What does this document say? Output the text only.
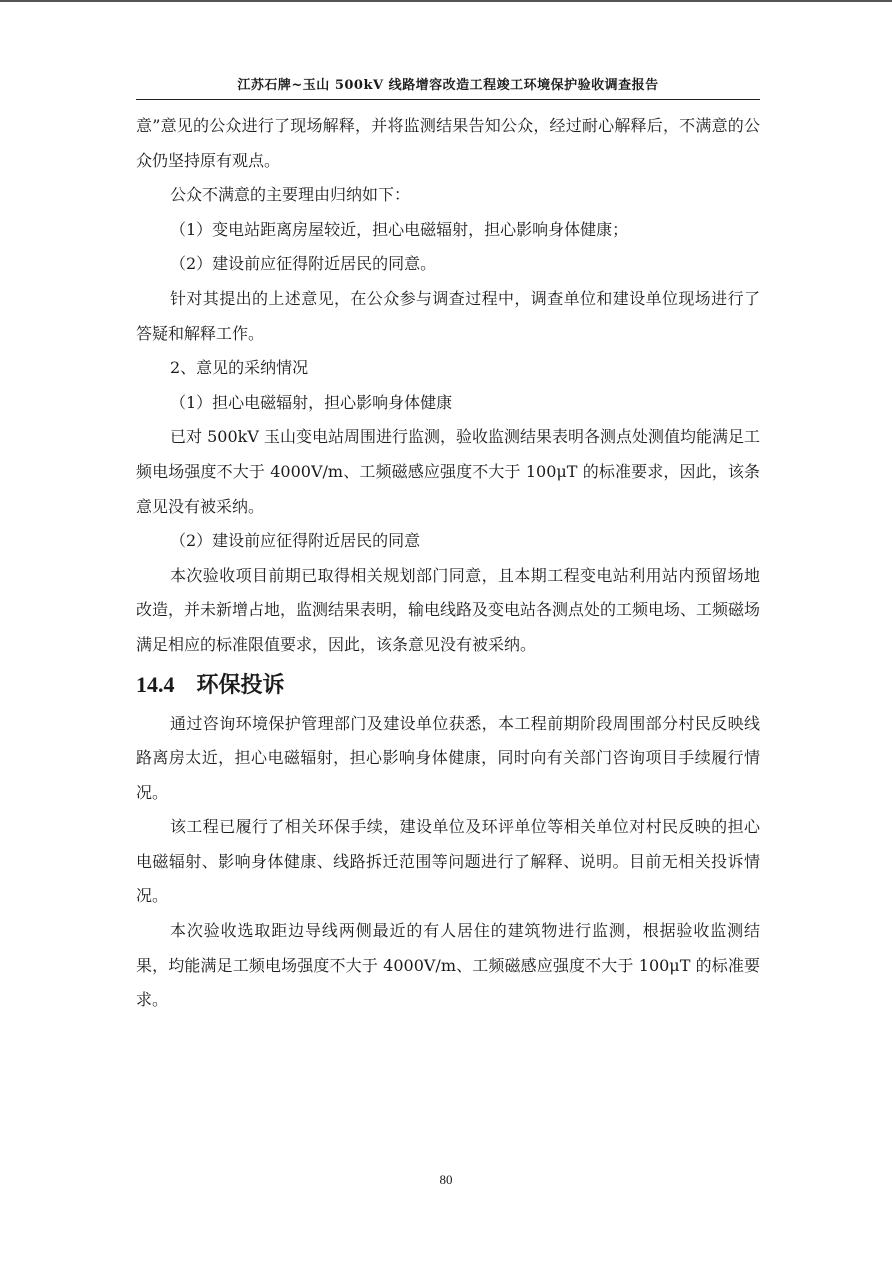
江苏石牌~玉山 500kV 线路增容改造工程竣工环境保护验收调查报告

意”意见的公众进行了现场解释，并将监测结果告知公众，经过耐心解释后，不满意的公众仍坚持原有观点。

公众不满意的主要理由归纳如下：

（1）变电站距离房屋较近，担心电磁辐射，担心影响身体健康；

（2）建设前应征得附近居民的同意。

针对其提出的上述意见，在公众参与调查过程中，调查单位和建设单位现场进行了答疑和解释工作。

2、意见的采纳情况

（1）担心电磁辐射，担心影响身体健康

已对 500kV 玉山变电站周围进行监测，验收监测结果表明各测点处测值均能满足工频电场强度不大于 4000V/m、工频磁感应强度不大于 100μT 的标准要求，因此，该条意见没有被采纳。

（2）建设前应征得附近居民的同意

本次验收项目前期已取得相关规划部门同意，且本期工程变电站利用站内预留场地改造，并未新增占地，监测结果表明，输电线路及变电站各测点处的工频电场、工频磁场满足相应的标准限值要求，因此，该条意见没有被采纳。

14.4 环保投诉

通过咨询环境保护管理部门及建设单位获悉，本工程前期阶段周围部分村民反映线路离房太近，担心电磁辐射，担心影响身体健康，同时向有关部门咨询项目手续履行情况。

该工程已履行了相关环保手续，建设单位及环评单位等相关单位对村民反映的担心电磁辐射、影响身体健康、线路拆迁范围等问题进行了解释、说明。目前无相关投诉情况。

本次验收选取距边导线两侧最近的有人居住的建筑物进行监测，根据验收监测结果，均能满足工频电场强度不大于 4000V/m、工频磁感应强度不大于 100μT 的标准要求。

80
